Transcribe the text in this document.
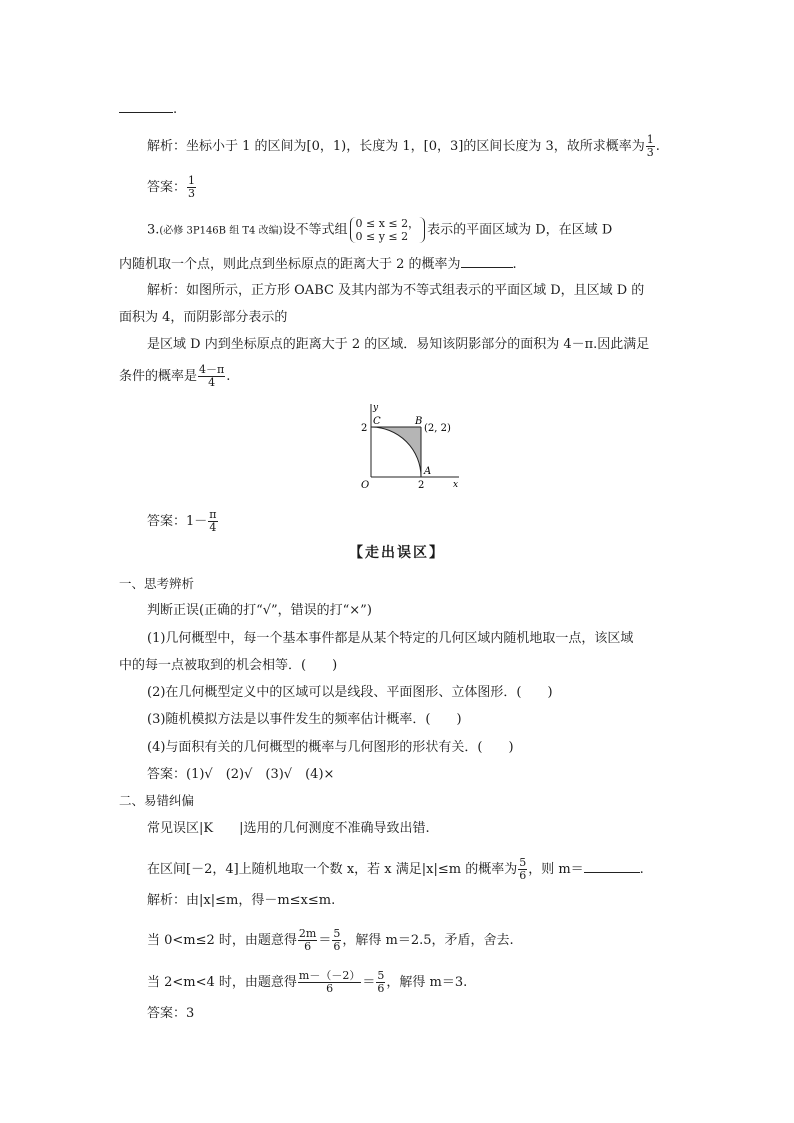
.
解析：坐标小于 1 的区间为[0，1)，长度为 1，[0，3]的区间长度为 3，故所求概率为 $\frac{1}{3}$ .
答案： $\frac{1}{3}$
3.(必修 3P146B 组 T4 改编)设不等式组 0 ≤ x ≤ 2，
0 ≤ y ≤ 2	表示的平面区域为 D，在区域 D
内随机取一个点，则此点到坐标原点的距离大于 2 的概率为	.
解析：如图所示，正方形 OABC 及其内部为不等式组表示的平面区域 D，且区域 D 的
面积为 4，而阴影部分表示的
是区域 D 内到坐标原点的距离大于 2 的区域．易知该阴影部分的面积为 4－π.因此满足
条件的概率是 $\frac{4-\pi}{4}$ .
y
x
O
2
2
C	B
A
(2, 2)
答案：$1- \frac{\pi}{4}$
【走出误区】
一、思考辨析
判断正误(正确的打“√”，错误的打“×”)
(1)几何概型中，每一个基本事件都是从某个特定的几何区域内随机地取一点，该区域
中的每一点被取到的机会相等．(　　)
(2)在几何概型定义中的区域可以是线段、平面图形、立体图形．(　　)
(3)随机模拟方法是以事件发生的频率估计概率．(　　)
(4)与面积有关的几何概型的概率与几何图形的形状有关．(　　)
答案：(1)√　(2)√　(3)√　(4)×
二、易错纠偏
常见误区|K　　|选用的几何测度不准确导致出错.
在区间[－2，4]上随机地取一个数 x，若 x 满足|x|≤m 的概率为 $\frac{5}{6}$ ，则 m＝	.
解析：由|x|≤m，得－m≤x≤m.
当 0<m≤2 时，由题意得 $\frac{2m}{6} = \frac{5}{6}$ ，解得 m＝2.5，矛盾，舍去.
当 2<m<4 时，由题意得 $\frac{m-(-2)}{6} = \frac{5}{6}$ ，解得 m＝3.
答案：3
